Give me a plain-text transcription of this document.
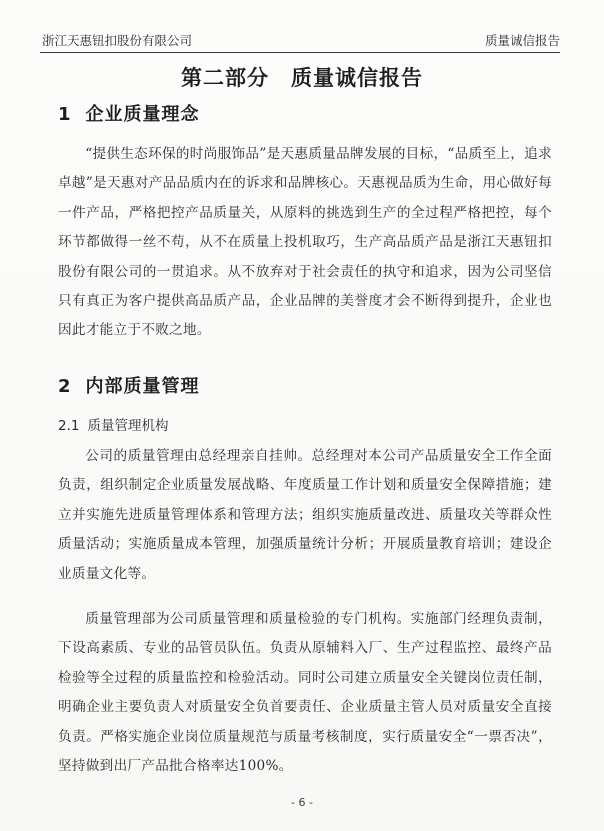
浙江天惠钮扣股份有限公司	质量诚信报告
第二部分　质量诚信报告
1 企业质量理念
“提供生态环保的时尚服饰品”是天惠质量品牌发展的目标，“品质至上，追求卓越”是天惠对产品品质内在的诉求和品牌核心。天惠视品质为生命，用心做好每一件产品，严格把控产品质量关，从原料的挑选到生产的全过程严格把控，每个环节都做得一丝不苟，从不在质量上投机取巧，生产高品质产品是浙江天惠钮扣股份有限公司的一贯追求。从不放弃对于社会责任的执守和追求，因为公司坚信只有真正为客户提供高品质产品，企业品牌的美誉度才会不断得到提升，企业也因此才能立于不败之地。
2 内部质量管理
2.1 质量管理机构
公司的质量管理由总经理亲自挂帅。总经理对本公司产品质量安全工作全面负责，组织制定企业质量发展战略、年度质量工作计划和质量安全保障措施；建立并实施先进质量管理体系和管理方法；组织实施质量改进、质量攻关等群众性质量活动；实施质量成本管理，加强质量统计分析；开展质量教育培训；建设企业质量文化等。
质量管理部为公司质量管理和质量检验的专门机构。实施部门经理负责制，下设高素质、专业的品管员队伍。负责从原辅料入厂、生产过程监控、最终产品检验等全过程的质量监控和检验活动。同时公司建立质量安全关键岗位责任制，明确企业主要负责人对质量安全负首要责任、企业质量主管人员对质量安全直接负责。严格实施企业岗位质量规范与质量考核制度，实行质量安全“一票否决”，坚持做到出厂产品批合格率达100%。
- 6 -
